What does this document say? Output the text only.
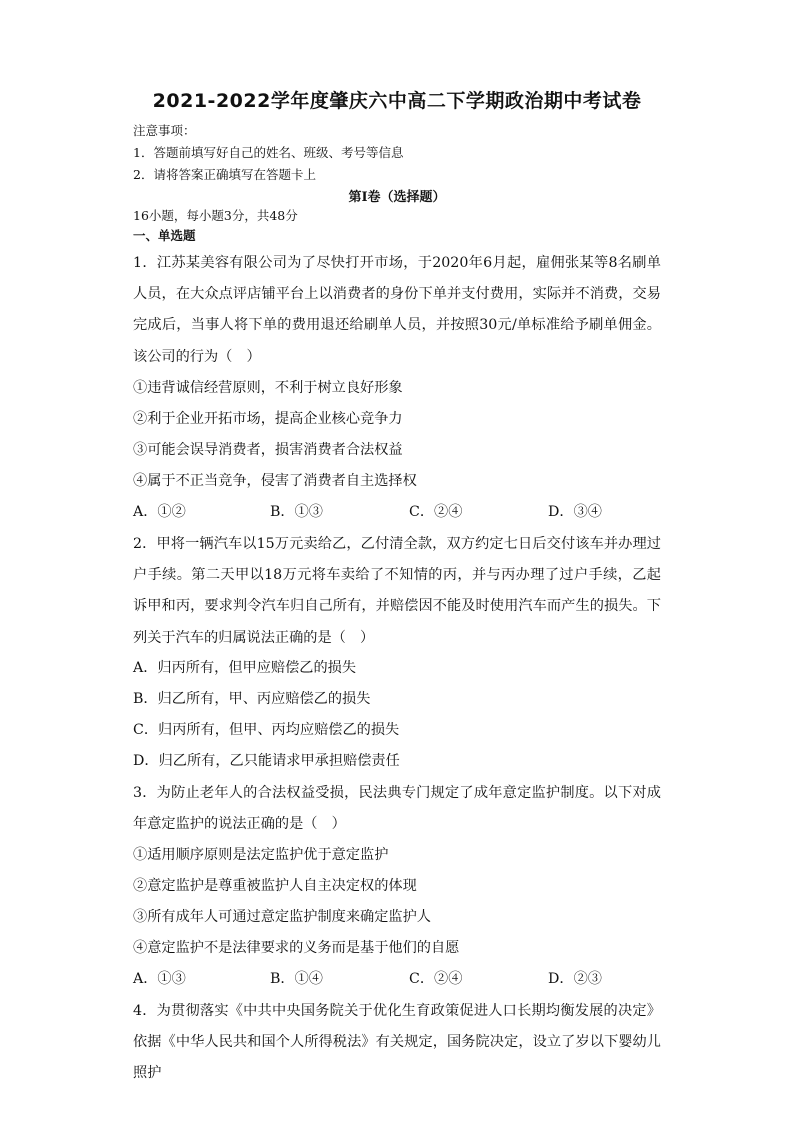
2021-2022学年度肇庆六中高二下学期政治期中考试卷
注意事项：
1．答题前填写好自己的姓名、班级、考号等信息
2．请将答案正确填写在答题卡上
第I卷（选择题）
16小题，每小题3分，共48分
一、单选题
1．江苏某美容有限公司为了尽快打开市场，于2020年6月起，雇佣张某等8名刷单人员，在大众点评店铺平台上以消费者的身份下单并支付费用，实际并不消费，交易完成后，当事人将下单的费用退还给刷单人员，并按照30元/单标准给予刷单佣金。该公司的行为（　）
①违背诚信经营原则，不利于树立良好形象
②利于企业开拓市场，提高企业核心竞争力
③可能会误导消费者，损害消费者合法权益
④属于不正当竞争，侵害了消费者自主选择权
A．①②	B．①③	C．②④	D．③④
2．甲将一辆汽车以15万元卖给乙，乙付清全款，双方约定七日后交付该车并办理过户手续。第二天甲以18万元将车卖给了不知情的丙，并与丙办理了过户手续，乙起诉甲和丙，要求判令汽车归自己所有，并赔偿因不能及时使用汽车而产生的损失。下列关于汽车的归属说法正确的是（　）
A．归丙所有，但甲应赔偿乙的损失
B．归乙所有，甲、丙应赔偿乙的损失
C．归丙所有，但甲、丙均应赔偿乙的损失
D．归乙所有，乙只能请求甲承担赔偿责任
3．为防止老年人的合法权益受损，民法典专门规定了成年意定监护制度。以下对成年意定监护的说法正确的是（　）
①适用顺序原则是法定监护优于意定监护
②意定监护是尊重被监护人自主决定权的体现
③所有成年人可通过意定监护制度来确定监护人
④意定监护不是法律要求的义务而是基于他们的自愿
A．①③	B．①④	C．②④	D．②③
4．为贯彻落实《中共中央国务院关于优化生育政策促进人口长期均衡发展的决定》依据《中华人民共和国个人所得税法》有关规定，国务院决定，设立了岁以下婴幼儿照护
